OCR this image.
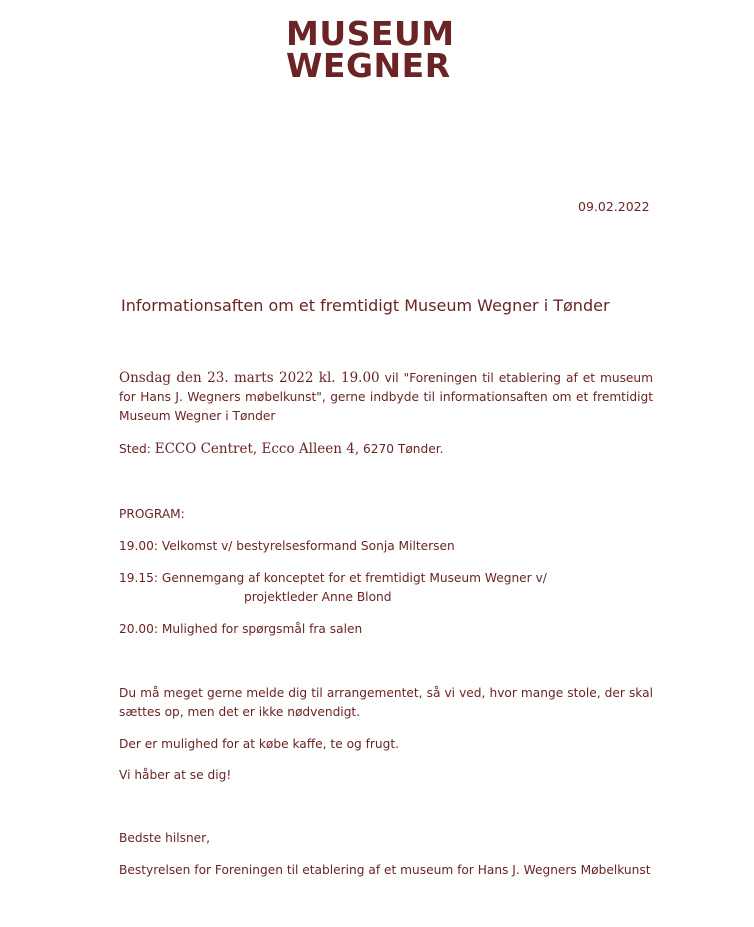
MUSEUM
WEGNER
09.02.2022
Informationsaften om et fremtidigt Museum Wegner i Tønder
Onsdag den 23. marts 2022 kl. 19.00 vil "Foreningen til etablering af et museum for Hans J. Wegners møbelkunst", gerne indbyde til informationsaften om et fremtidigt Museum Wegner i Tønder
Sted: ECCO Centret, Ecco Alleen 4, 6270 Tønder.
PROGRAM:
19.00: Velkomst v/ bestyrelsesformand Sonja Miltersen
19.15: Gennemgang af konceptet for et fremtidigt Museum Wegner v/
projektleder Anne Blond
20.00: Mulighed for spørgsmål fra salen
Du må meget gerne melde dig til arrangementet, så vi ved, hvor mange stole, der skal sættes op, men det er ikke nødvendigt.
Der er mulighed for at købe kaffe, te og frugt.
Vi håber at se dig!
Bedste hilsner,
Bestyrelsen for Foreningen til etablering af et museum for Hans J. Wegners Møbelkunst
